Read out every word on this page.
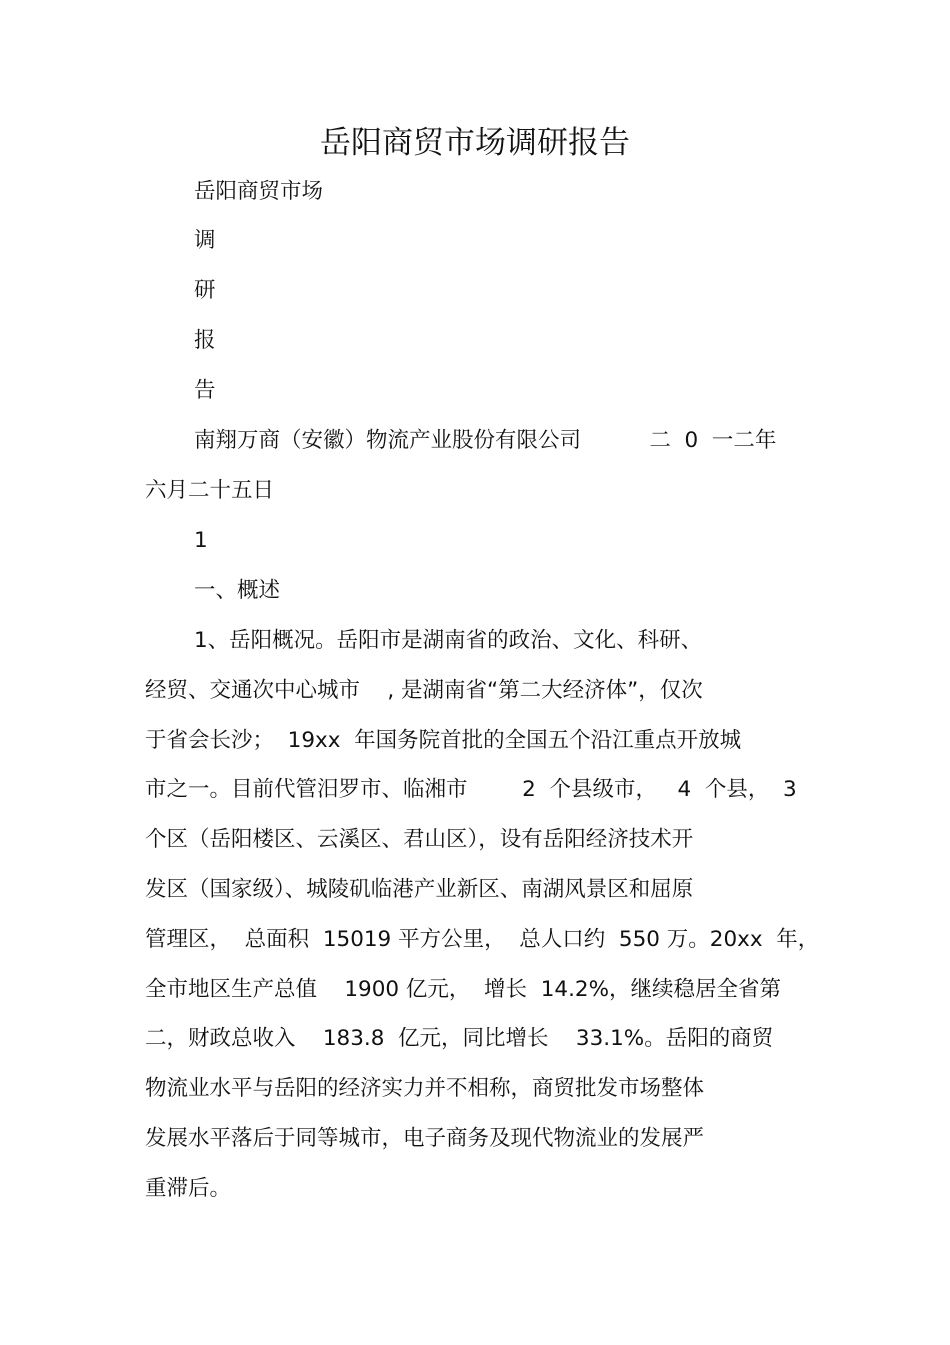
岳阳商贸市场调研报告
岳阳商贸市场
调
研
报
告
南翔万商（安徽）物流产业股份有限公司          二  0  一二年
六月二十五日
1
一、概述
1、岳阳概况。岳阳市是湖南省的政治、文化、科研、
经贸、交通次中心城市    , 是湖南省“第二大经济体”，仅次
于省会长沙；  19xx  年国务院首批的全国五个沿江重点开放城
市之一。目前代管汨罗市、临湘市        2  个县级市，   4  个县，  3
个区（岳阳楼区、云溪区、君山区），设有岳阳经济技术开
发区（国家级）、城陵矶临港产业新区、南湖风景区和屈原
管理区，  总面积  15019 平方公里，  总人口约  550 万。20xx  年，
全市地区生产总值    1900 亿元，  增长  14.2%，继续稳居全省第
二，财政总收入    183.8  亿元，同比增长    33.1%。岳阳的商贸
物流业水平与岳阳的经济实力并不相称，商贸批发市场整体
发展水平落后于同等城市，电子商务及现代物流业的发展严
重滞后。
